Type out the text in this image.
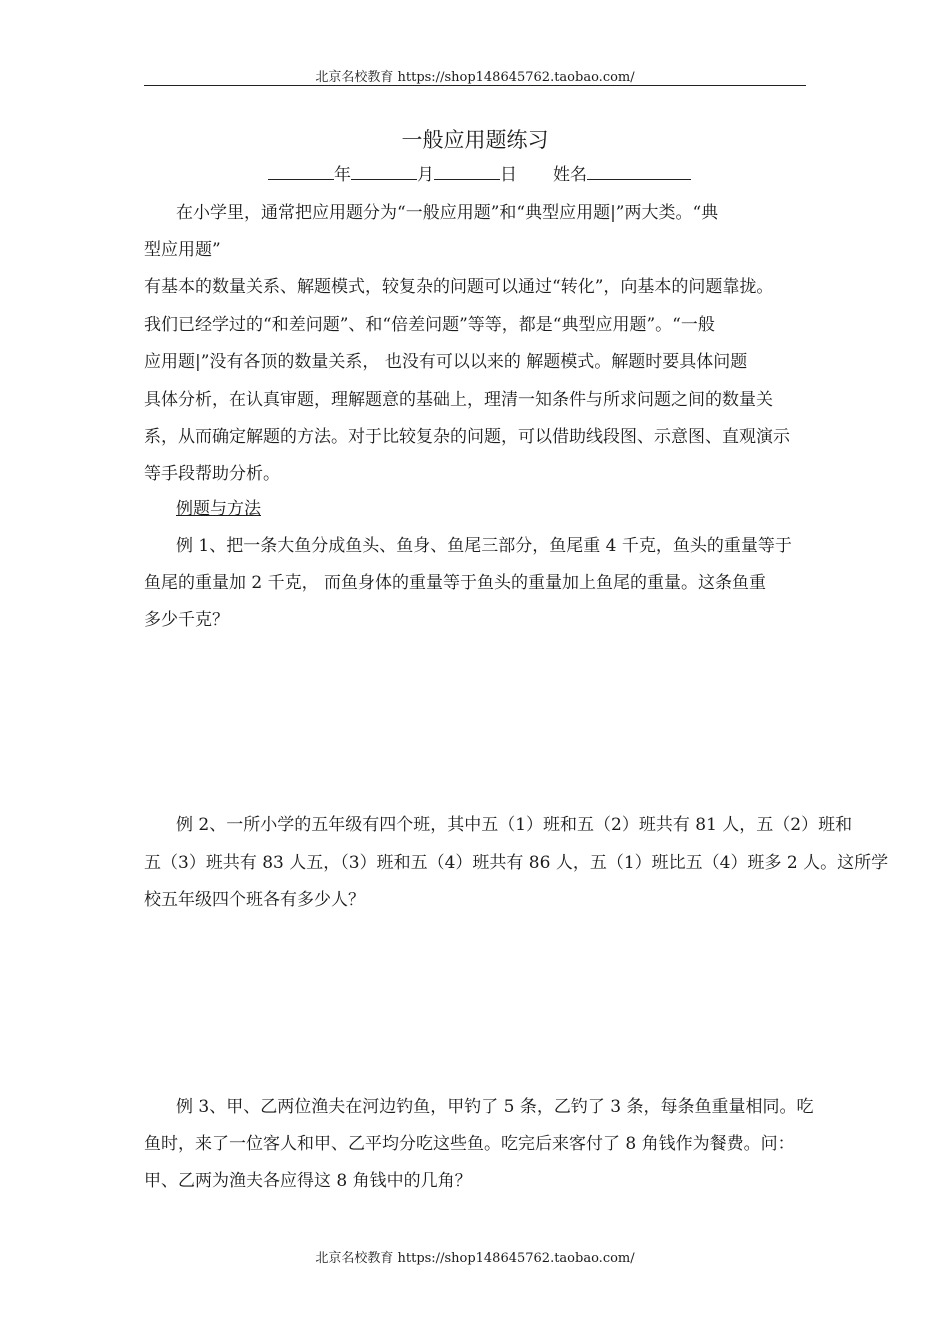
北京名校教育 https://shop148645762.taobao.com/
一般应用题练习
年	月	日 姓名
在小学里，通常把应用题分为“一般应用题”和“典型应用题|”两大类。“典
型应用题”
有基本的数量关系、解题模式，较复杂的问题可以通过“转化”，向基本的问题靠拢。
我们已经学过的“和差问题”、和“倍差问题”等等，都是“典型应用题”。“一般
应用题|”没有各顶的数量关系， 也没有可以以来的 解题模式。解题时要具体问题
具体分析，在认真审题，理解题意的基础上，理清一知条件与所求问题之间的数量关
系，从而确定解题的方法。对于比较复杂的问题，可以借助线段图、示意图、直观演示
等手段帮助分析。
例题与方法
例 1、把一条大鱼分成鱼头、鱼身、鱼尾三部分，鱼尾重 4 千克，鱼头的重量等于
鱼尾的重量加 2 千克， 而鱼身体的重量等于鱼头的重量加上鱼尾的重量。这条鱼重
多少千克？
例 2、一所小学的五年级有四个班，其中五（1）班和五（2）班共有 81 人，五（2）班和
五（3）班共有 83 人五，（3）班和五（4）班共有 86 人，五（1）班比五（4）班多 2 人。这所学
校五年级四个班各有多少人？
例 3、甲、乙两位渔夫在河边钓鱼，甲钓了 5 条，乙钓了 3 条，每条鱼重量相同。吃
鱼时，来了一位客人和甲、乙平均分吃这些鱼。吃完后来客付了 8 角钱作为餐费。问：
甲、乙两为渔夫各应得这 8 角钱中的几角？
北京名校教育 https://shop148645762.taobao.com/
